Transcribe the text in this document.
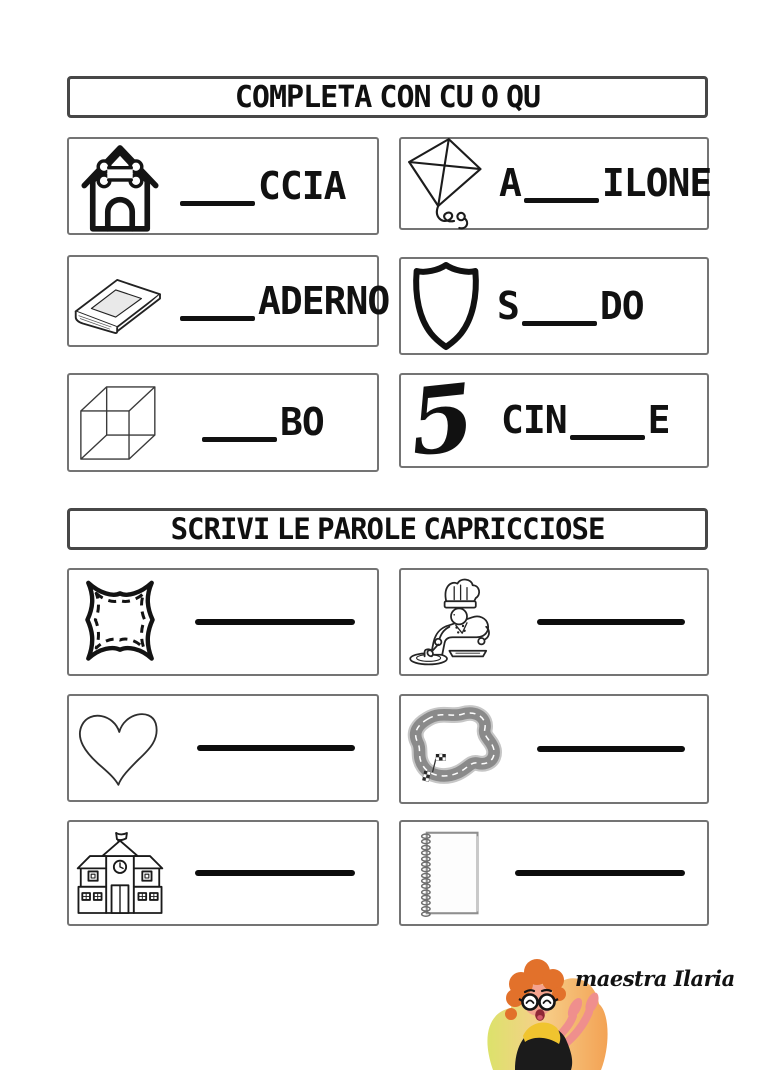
COMPLETA CON CU O QU
CCIA	A ILONE
ADERNO	S DO
BO 5 CIN E
SCRIVI LE PAROLE CAPRICCIOSE
maestra Ilaria
